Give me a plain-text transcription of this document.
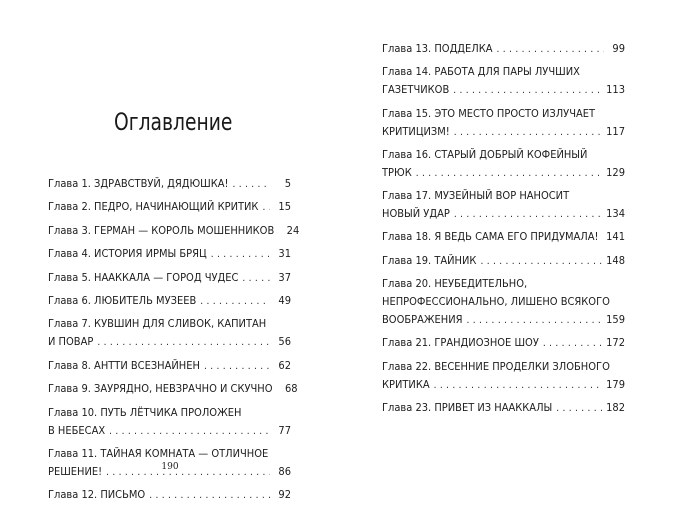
Оглавление
Глава 1. ЗДРАВСТВУЙ, ДЯДЮШКА! .....	5
Глава 2. ПЕДРО, НАЧИНАЮЩИЙ КРИТИК .....	15
Глава 3. ГЕРМАН — КОРОЛЬ МОШЕННИКОВ	24
Глава 4. ИСТОРИЯ ИРМЫ БРЯЦ .....	31
Глава 5. НААККАЛА — ГОРОД ЧУДЕС .....	37
Глава 6. ЛЮБИТЕЛЬ МУЗЕЕВ .....	49
Глава 7. КУВШИН ДЛЯ СЛИВОК, КАПИТАН
И ПОВАР .....	56
Глава 8. АНТТИ ВСЕЗНАЙНЕН .....	62
Глава 9. ЗАУРЯДНО, НЕВЗРАЧНО И СКУЧНО	68
Глава 10. ПУТЬ ЛЁТЧИКА ПРОЛОЖЕН
В НЕБЕСАХ .....	77
Глава 11. ТАЙНАЯ КОМНАТА — ОТЛИЧНОЕ
РЕШЕНИЕ! .....	86
Глава 12. ПИСЬМО .....	92
Глава 13. ПОДДЕЛКА .....	99
Глава 14. РАБОТА ДЛЯ ПАРЫ ЛУЧШИХ
ГАЗЕТЧИКОВ .....	113
Глава 15. ЭТО МЕСТО ПРОСТО ИЗЛУЧАЕТ
КРИТИЦИЗМ! .....	117
Глава 16. СТАРЫЙ ДОБРЫЙ КОФЕЙНЫЙ
ТРЮК .....	129
Глава 17. МУЗЕЙНЫЙ ВОР НАНОСИТ
НОВЫЙ УДАР .....	134
Глава 18. Я ВЕДЬ САМА ЕГО ПРИДУМАЛА! ..... 141
Глава 19. ТАЙНИК .....	148
Глава 20. НЕУБЕДИТЕЛЬНО,
НЕПРОФЕССИОНАЛЬНО, ЛИШЕНО ВСЯКОГО
ВООБРАЖЕНИЯ .....	159
Глава 21. ГРАНДИОЗНОЕ ШОУ .....	172
Глава 22. ВЕСЕННИЕ ПРОДЕЛКИ ЗЛОБНОГО
КРИТИКА .....	179
Глава 23. ПРИВЕТ ИЗ НААККАЛЫ .....	182
190
